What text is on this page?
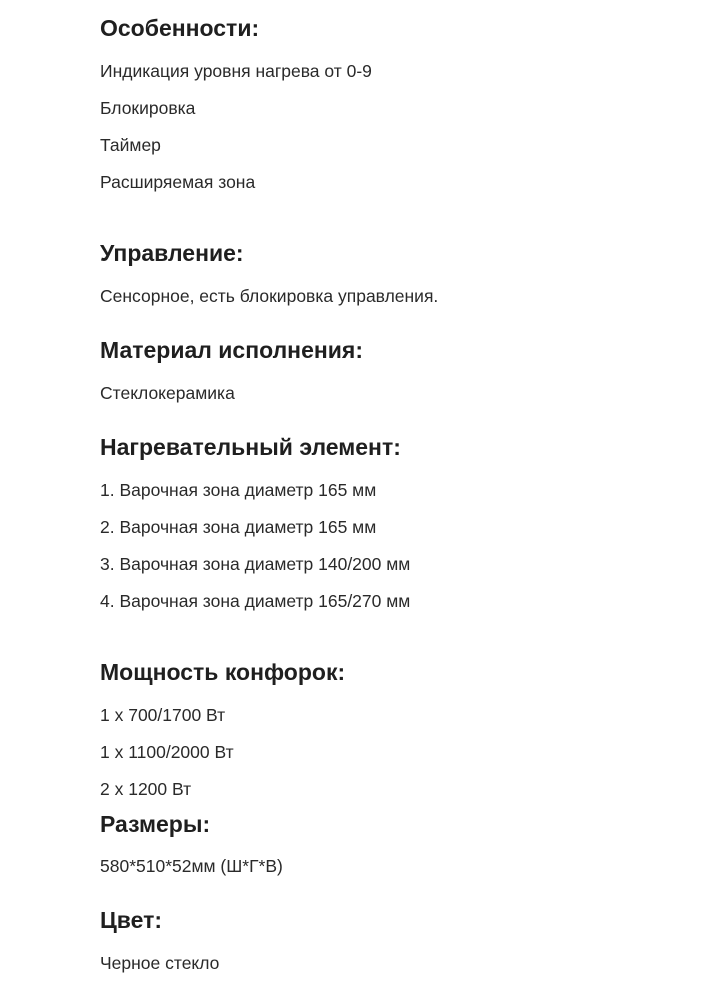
Особенности:

Индикация уровня нагрева от 0-9

Блокировка

Таймер

Расширяемая зона

Управление:

Сенсорное, есть блокировка управления.

Материал исполнения:

Стеклокерамика

Нагревательный элемент:

1. Варочная зона диаметр 165 мм

2. Варочная зона диаметр 165 мм

3. Варочная зона диаметр 140/200 мм

4. Варочная зона диаметр 165/270 мм

Мощность конфорок:

1 х 700/1700 Вт

1 х 1100/2000 Вт

2 х 1200 Вт

Размеры:

580*510*52мм (Ш*Г*В)

Цвет:

Черное стекло
